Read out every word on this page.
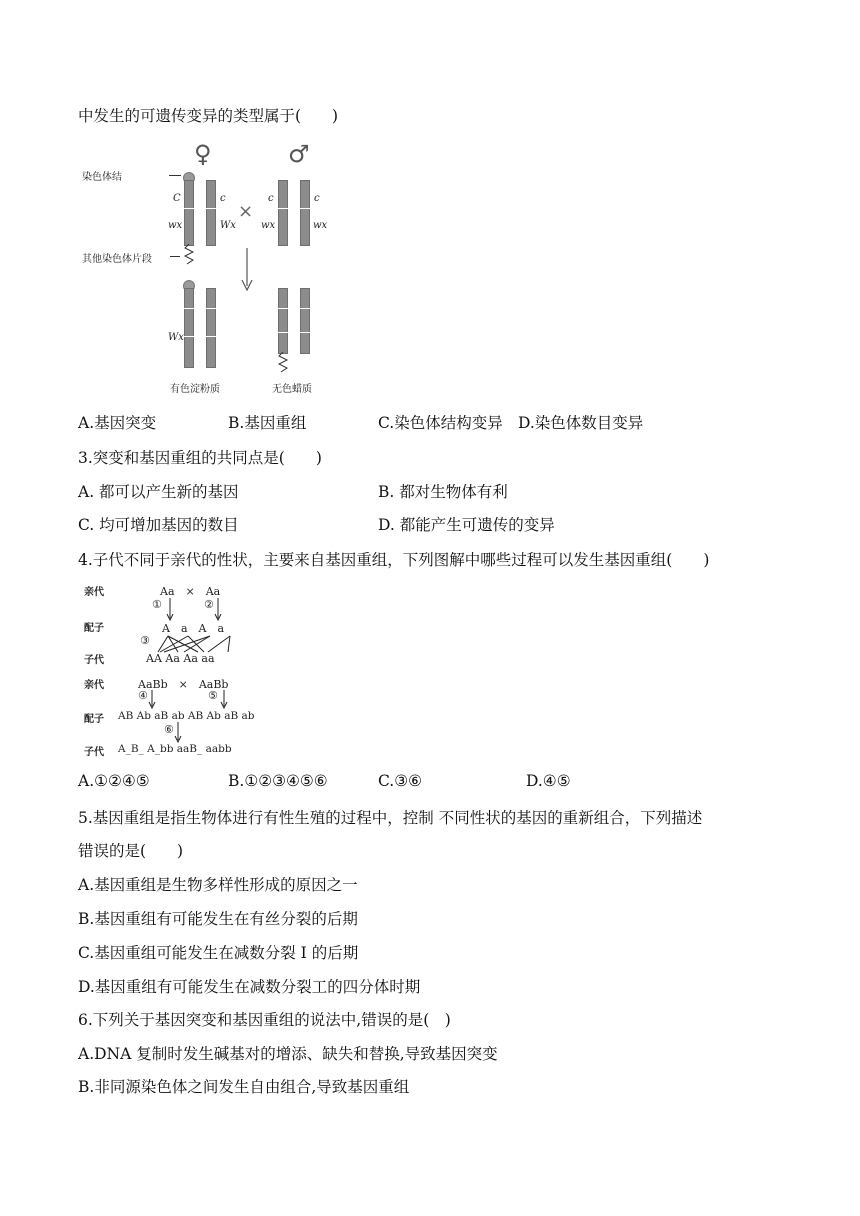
中发生的可遗传变异的类型属于(　　)
♀	♂
染色体结
C	c
wx	Wx
其他染色体片段
×
c	c
wx	wx
Wx
有色淀粉质	无色蜡质
A.基因突变	B.基因重组	C.染色体结构变异 D.染色体数目变异
3.突变和基因重组的共同点是(　　)
A. 都可以产生新的基因	B. 都对生物体有利
C. 均可增加基因的数目	D. 都能产生可遗传的变异
4.子代不同于亲代的性状，主要来自基因重组，下列图解中哪些过程可以发生基因重组(　　)
亲代
配子
子代
亲代
配子
子代
Aa　×　Aa
①	②
A　a　A　a
③
AA Aa Aa aa
AaBb　×　AaBb
④	⑤
AB Ab aB ab AB Ab aB ab
⑥
A_B_ A_bb aaB_ aabb
A.①②④⑤	B.①②③④⑤⑥	C.③⑥	D.④⑤
5.基因重组是指生物体进行有性生殖的过程中，控制 不同性状的基因的重新组合，下列描述
错误的是(　　)
A.基因重组是生物多样性形成的原因之一
B.基因重组有可能发生在有丝分裂的后期
C.基因重组可能发生在减数分裂 I 的后期
D.基因重组有可能发生在减数分裂工的四分体时期
6.下列关于基因突变和基因重组的说法中,错误的是(　)
A.DNA 复制时发生碱基对的增添、缺失和替换,导致基因突变
B.非同源染色体之间发生自由组合,导致基因重组
